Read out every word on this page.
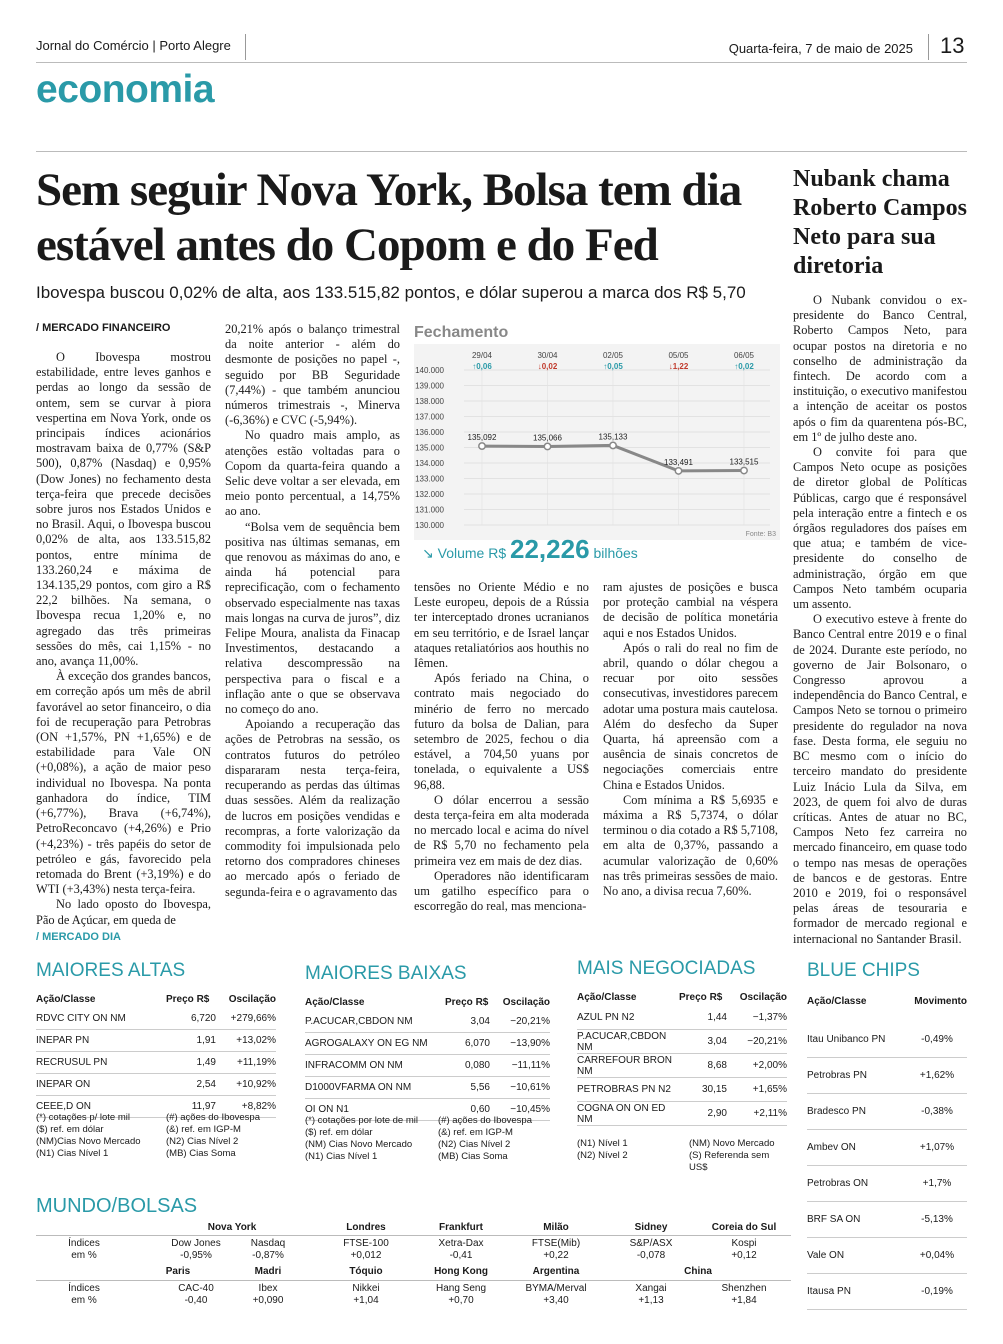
Jornal do Comércio | Porto Alegre	Quarta-feira, 7 de maio de 2025 13
economia
Sem seguir Nova York, Bolsa tem dia estável antes do Copom e do Fed
Ibovespa buscou 0,02% de alta, aos 133.515,82 pontos, e dólar superou a marca dos R$ 5,70
/ MERCADO FINANCEIRO

O Ibovespa mostrou estabilidade, entre leves ganhos e perdas ao longo da sessão de ontem, sem se curvar à piora vespertina em Nova York, onde os principais índices acionários mostravam baixa de 0,77% (S&P 500), 0,87% (Nasdaq) e 0,95% (Dow Jones) no fechamento desta terça-feira que precede decisões sobre juros nos Estados Unidos e no Brasil. Aqui, o Ibovespa buscou 0,02% de alta, aos 133.515,82 pontos, entre mínima de 133.260,24 e máxima de 134.135,29 pontos, com giro a R$ 22,2 bilhões. Na semana, o Ibovespa recua 1,20% e, no agregado das três primeiras sessões do mês, cai 1,15% - no ano, avança 11,00%.

À exceção dos grandes bancos, em correção após um mês de abril favorável ao setor financeiro, o dia foi de recuperação para Petrobras (ON +1,57%, PN +1,65%) e de estabilidade para Vale ON (+0,08%), a ação de maior peso individual no Ibovespa. Na ponta ganhadora do índice, TIM (+6,77%), Brava (+6,74%), PetroReconcavo (+4,26%) e Prio (+4,23%) - três papéis do setor de petróleo e gás, favorecido pela retomada do Brent (+3,19%) e do WTI (+3,43%) nesta terça-feira.

No lado oposto do Ibovespa, Pão de Açúcar, em queda de

20,21% após o balanço trimestral da noite anterior - além do desmonte de posições no papel -, seguido por BB Seguridade (7,44%) - que também anunciou números trimestrais -, Minerva (-6,36%) e CVC (-5,94%).

No quadro mais amplo, as atenções estão voltadas para o Copom da quarta-feira quando a Selic deve voltar a ser elevada, em meio ponto percentual, a 14,75% ao ano.

“Bolsa vem de sequência bem positiva nas últimas semanas, em que renovou as máximas do ano, e ainda há potencial para reprecificação, com o fechamento observado especialmente nas taxas mais longas na curva de juros”, diz Felipe Moura, analista da Finacap Investimentos, destacando a relativa descompressão na perspectiva para o fiscal e a inflação ante o que se observava no começo do ano.

Apoiando a recuperação das ações de Petrobras na sessão, os contratos futuros do petróleo dispararam nesta terça-feira, recuperando as perdas das últimas duas sessões. Além da realização de lucros em posições vendidas e recompras, a forte valorização da commodity foi impulsionada pelo retorno dos compradores chineses ao mercado após o feriado de segunda-feira e o agravamento das

tensões no Oriente Médio e no Leste europeu, depois de a Rússia ter interceptado drones ucranianos em seu território, e de Israel lançar ataques retaliatórios aos houthis no Iêmen.

Após feriado na China, o contrato mais negociado do minério de ferro no mercado futuro da bolsa de Dalian, para setembro de 2025, fechou o dia estável, a 704,50 yuans por tonelada, o equivalente a US$ 96,88.

O dólar encerrou a sessão desta terça-feira em alta moderada no mercado local e acima do nível de R$ 5,70 no fechamento pela primeira vez em mais de dez dias.

Operadores não identificaram um gatilho específico para o escorregão do real, mas menciona-

ram ajustes de posições e busca por proteção cambial na véspera de decisão de política monetária aqui e nos Estados Unidos.

Após o rali do real no fim de abril, quando o dólar chegou a recuar por oito sessões consecutivas, investidores parecem adotar uma postura mais cautelosa. Além do desfecho da Super Quarta, há apreensão com a ausência de sinais concretos de negociações comerciais entre China e Estados Unidos.

Com mínima a R$ 5,6935 e máxima a R$ 5,7374, o dólar terminou o dia cotado a R$ 5,7108, em alta de 0,37%, passando a acumular valorização de 0,60% nas três primeiras sessões de maio. No ano, a divisa recua 7,60%.

Fechamento
130.000
131.000
132.000
133.000
134.000
135.000
136.000
137.000
138.000
139.000
140.000
29/04	30/04	02/05	05/05	06/05
↑0,06	↓0,02	↑0,05	↓1,22	↑0,02
135,092	135,066	135,133
133,491	133,515
Fonte: B3
↘ Volume R$ 22,226 bilhões
Nubank chama Roberto Campos Neto para sua diretoria

O Nubank convidou o ex-presidente do Banco Central, Roberto Campos Neto, para ocupar postos na diretoria e no conselho de administração da fintech. De acordo com a instituição, o executivo manifestou a intenção de aceitar os postos após o fim da quarentena pós-BC, em 1º de julho deste ano.

O convite foi para que Campos Neto ocupe as posições de diretor global de Políticas Públicas, cargo que é responsável pela interação entre a fintech e os órgãos reguladores dos países em que atua; e também de vice-presidente do conselho de administração, órgão em que Campos Neto também ocuparia um assento.

O executivo esteve à frente do Banco Central entre 2019 e o final de 2024. Durante este período, no governo de Jair Bolsonaro, o Congresso aprovou a independência do Banco Central, e Campos Neto se tornou o primeiro presidente do regulador na nova fase. Desta forma, ele seguiu no BC mesmo com o início do terceiro mandato do presidente Luiz Inácio Lula da Silva, em 2023, de quem foi alvo de duras críticas. Antes de atuar no BC, Campos Neto fez carreira no mercado financeiro, em quase todo o tempo nas mesas de operações de bancos e de gestoras. Entre 2010 e 2019, foi o responsável pelas áreas de tesouraria e formador de mercado regional e internacional no Santander Brasil.

/ MERCADO DIA
MAIORES ALTAS
Ação/Classe	Preço R$	Oscilação
RDVC CITY ON NM	6,720	+279,66%
INEPAR PN	1,91	+13,02%
RECRUSUL PN	1,49	+11,19%
INEPAR ON	2,54	+10,92%
CEEE,D ON	11,97	+8,82%
(*) cotações p/ lote mil
($) ref. em dólar
(NM)Cias Novo Mercado
(N1) Cias Nível 1
(#) ações do Ibovespa
(&) ref. em IGP-M
(N2) Cias Nível 2
(MB) Cias Soma
MAIORES BAIXAS
Ação/Classe	Preço R$	Oscilação
P.ACUCAR,CBDON NM	3,04	−20,21%
AGROGALAXY ON EG NM	6,070	−13,90%
INFRACOMM ON NM	0,080	−11,11%
D1000VFARMA ON NM	5,56	−10,61%
OI ON N1	0,60	−10,45%
(*) cotações por lote de mil
($) ref. em dólar
(NM) Cias Novo Mercado
(N1) Cias Nível 1
(#) ações do Ibovespa
(&) ref. em IGP-M
(N2) Cias Nível 2
(MB) Cias Soma
MAIS NEGOCIADAS
Ação/Classe	Preço R$	Oscilação
AZUL PN N2	1,44	−1,37%
P.ACUCAR,CBDON NM	3,04	−20,21%
CARREFOUR BRON NM	8,68	+2,00%
PETROBRAS PN N2	30,15	+1,65%
COGNA ON ON ED NM	2,90	+2,11%
(N1) Nível 1
(N2) Nível 2
(NM) Novo Mercado
(S) Referenda sem US$
BLUE CHIPS
Ação/Classe	Movimento
Itau Unibanco PN	-0,49%
Petrobras PN	+1,62%
Bradesco PN	-0,38%
Ambev ON	+1,07%
Petrobras ON	+1,7%
BRF SA ON	-5,13%
Vale ON	+0,04%
Itausa PN	-0,19%
MUNDO/BOLSAS
Índices
em %
Índices
em %
Nova York	Londres	Frankfurt	Milão	Sidney	Coreia do Sul
Dow Jones	Nasdaq	FTSE-100	Xetra-Dax	FTSE(Mib)	S&P/ASX	Kospi
-0,95%	-0,87%	+0,012	-0,41	+0,22	-0,078	+0,12
Paris	Madri	Tóquio	Hong Kong	Argentina	China
CAC-40	Ibex	Nikkei	Hang Seng	BYMA/Merval	Xangai	Shenzhen
-0,40	+0,090	+1,04	+0,70	+3,40	+1,13	+1,84
